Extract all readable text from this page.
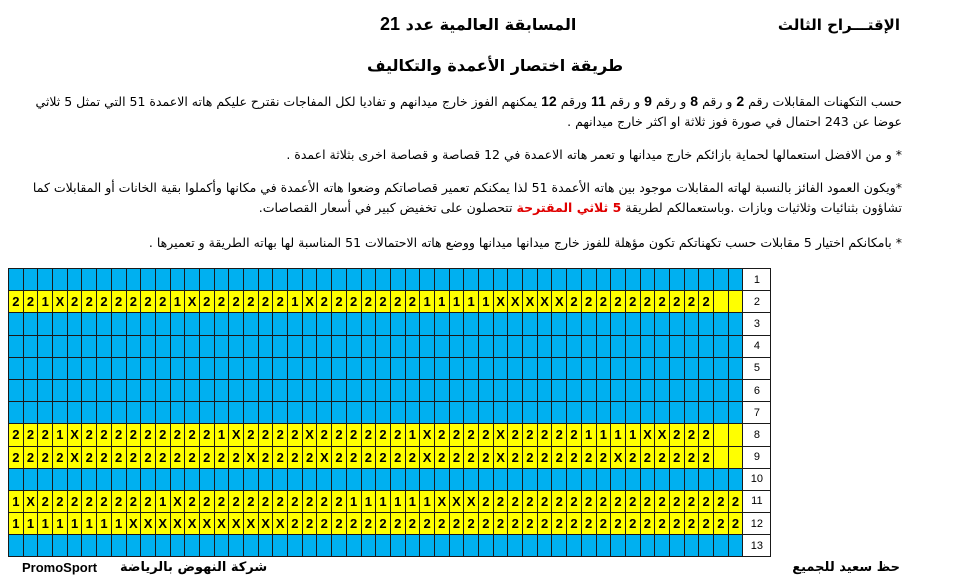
الإقتـــراح الثالث
المسابقة العالمية عدد 21
طريقة اختصار الأعمدة والتكاليف
حسب التكهنات المقابلات رقم 2 و رقم 8 و رقم 9 و رقم 11 ورقم 12 يمكنهم الفوز خارج ميدانهم و تفاديا لكل المفاجات نقترح عليكم هاته الاعمدة 51 التي تمثل 5 ثلاثي عوضا عن 243 احتمال في صورة فوز ثلاثة او اكثر خارج ميدانهم .
* و من الافضل استعمالها لحماية بازائكم خارج ميدانها و تعمر هاته الاعمدة في 12 قصاصة و قصاصة اخرى بثلاثة اعمدة .
*ويكون العمود الفائز بالنسبة لهاته المقابلات موجود بين هاته الأعمدة 51 لذا يمكنكم تعمير قصاصاتكم وضعوا هاته الأعمدة في مكانها وأكملوا بقية الخانات أو المقابلات كما تشاؤون بثنائيات وثلاثيات وبازات .وباستعمالكم لطريقة 5 ثلاثي المقترحة تتحصلون على تخفيض كبير في أسعار القصاصات.
* بامكانكم اختيار 5 مقابلات حسب تكهناتكم تكون مؤهلة للفوز خارج ميدانها ميدانها ووضع هاته الاحتمالات 51 المناسبة لها بهاته الطريقة و تعميرها .
																																																		1
2	2	1	X	2	2	2	2	2	2	2	1	X	2	2	2	2	2	2	1	X	2	2	2	2	2	2	2	1	1	1	1	1	X	X	X	X	X	2	2	2	2	2	2	2	2	2	2			2
																																																		3
																																																		4
																																																		5
																																																		6
																																																		7
2	2	2	1	X	2	2	2	2	2	2	2	2	2	1	X	2	2	2	2	X	2	2	2	2	2	2	1	X	2	2	2	2	X	2	2	2	2	2	1	1	1	1	X	X	2	2	2			8
2	2	2	2	X	2	2	2	2	2	2	2	2	2	2	2	X	2	2	2	2	X	2	2	2	2	2	2	X	2	2	2	2	X	2	2	2	2	2	2	2	X	2	2	2	2	2	2			9
																																																		10
1	X	2	2	2	2	2	2	2	2	1	X	2	2	2	2	2	2	2	2	2	2	2	1	1	1	1	1	1	X	X	X	2	2	2	2	2	2	2	2	2	2	2	2	2	2	2	2	2	2	11
1	1	1	1	1	1	1	1	X	X	X	X	X	X	X	X	X	X	X	2	2	2	2	2	2	2	2	2	2	2	2	2	2	2	2	2	2	2	2	2	2	2	2	2	2	2	2	2	2	2	12
																																																		13
حظ سعيد للجميع
شركة النهوض بالرياضة
PromoSport
